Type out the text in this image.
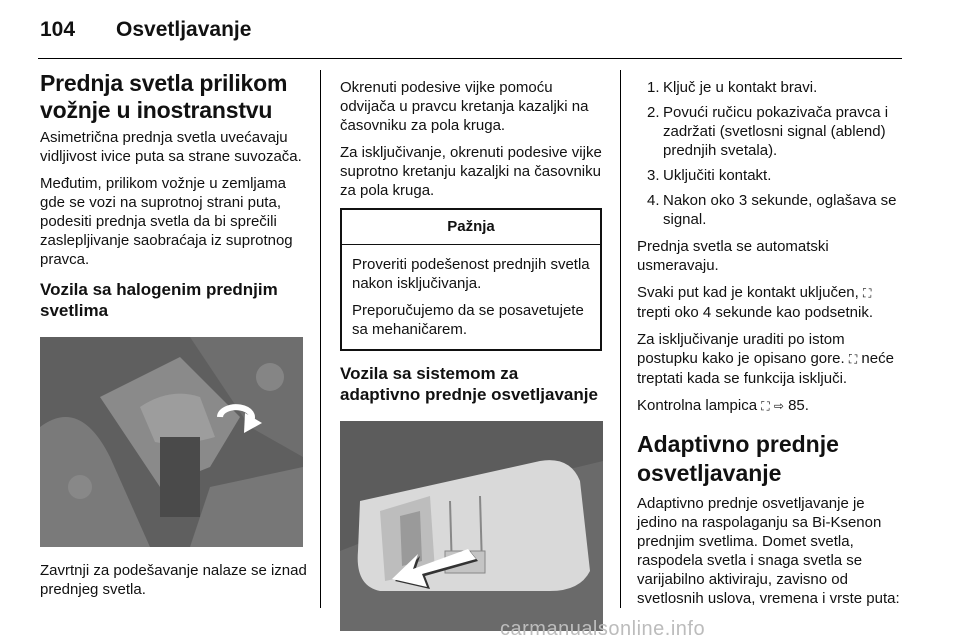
104 Osvetljavanje
Prednja svetla prilikom vožnje u inostranstvu

Asimetrična prednja svetla uvećavaju vidljivost ivice puta sa strane suvozača.

Međutim, prilikom vožnje u zemljama gde se vozi na suprotnoj strani puta, podesiti prednja svetla da bi sprečili zaslepljivanje saobraćaja iz suprotnog pravca.

Vozila sa halogenim prednjim svetlima

Zavrtnji za podešavanje nalaze se iznad prednjeg svetla.

Okrenuti podesive vijke pomoću odvijača u pravcu kretanja kazaljki na časovniku za pola kruga.

Za isključivanje, okrenuti podesive vijke suprotno kretanju kazaljki na časovniku za pola kruga.

Pažnja

Proveriti podešenost prednjih svetla nakon isključivanja.

Preporučujemo da se posavetujete sa mehaničarem.

Vozila sa sistemom za adaptivno prednje osvetljavanje
1. Ključ je u kontakt bravi.
2. Povući ručicu pokazivača pravca i zadržati (svetlosni signal (ablend) prednjih svetala).
3. Uključiti kontakt.
4. Nakon oko 3 sekunde, oglašava se signal.

Prednja svetla se automatski usmeravaju.

Svaki put kad je kontakt uključen, ⛶ trepti oko 4 sekunde kao podsetnik.

Za isključivanje uraditi po istom postupku kako je opisano gore. ⛶ neće treptati kada se funkcija isključi.

Kontrolna lampica ⛶ ⇨ 85.

Adaptivno prednje osvetljavanje

Adaptivno prednje osvetljavanje je jedino na raspolaganju sa Bi-Ksenon prednjim svetlima. Domet svetla, raspodela svetla i snaga svetla se varijabilno aktiviraju, zavisno od svetlosnih uslova, vremena i vrste puta:

carmanualsonline.info
